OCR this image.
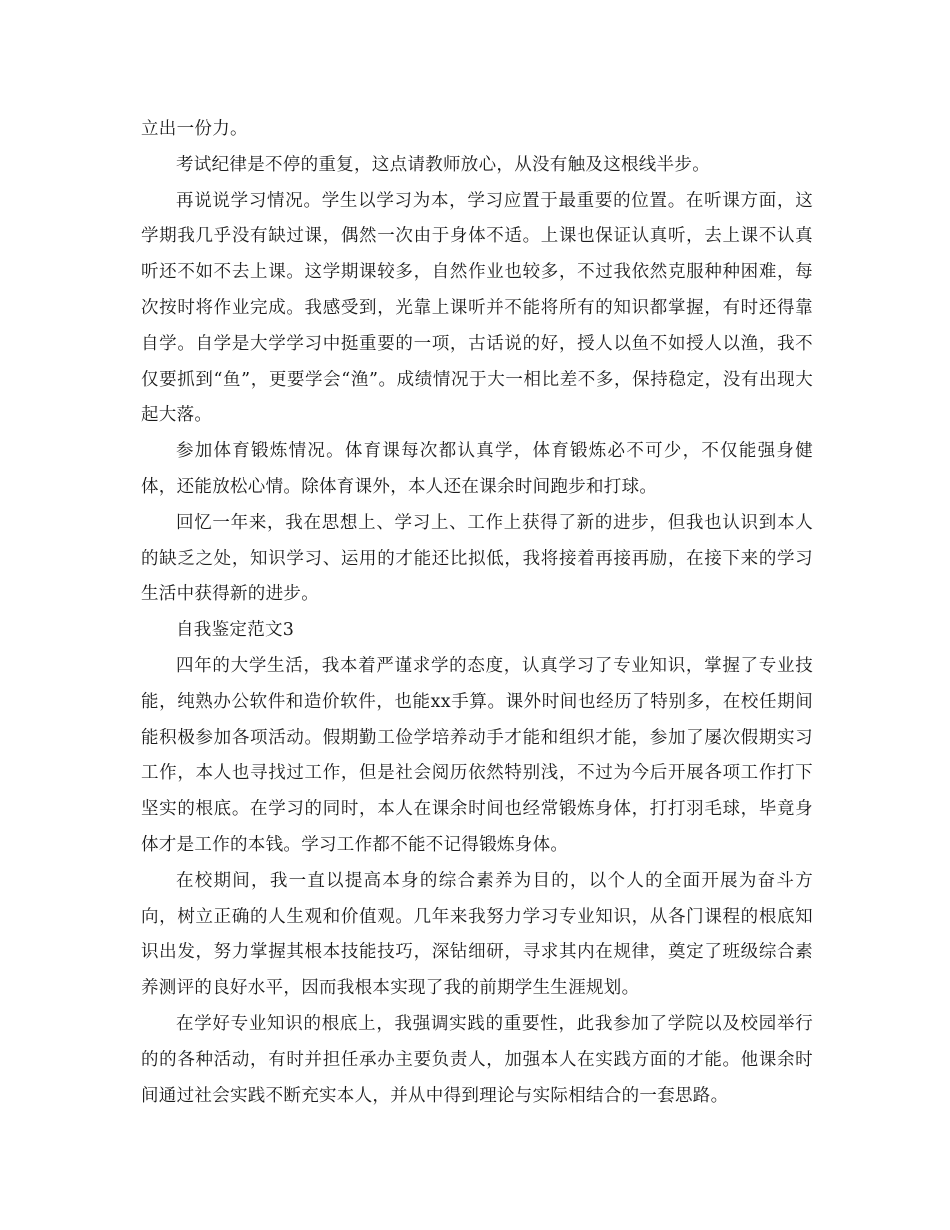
立出一份力。

考试纪律是不停的重复，这点请教师放心，从没有触及这根线半步。

再说说学习情况。学生以学习为本，学习应置于最重要的位置。在听课方面，这学期我几乎没有缺过课，偶然一次由于身体不适。上课也保证认真听，去上课不认真听还不如不去上课。这学期课较多，自然作业也较多，不过我依然克服种种困难，每次按时将作业完成。我感受到，光靠上课听并不能将所有的知识都掌握，有时还得靠自学。自学是大学学习中挺重要的一项，古话说的好，授人以鱼不如授人以渔，我不仅要抓到“鱼”，更要学会“渔”。成绩情况于大一相比差不多，保持稳定，没有出现大起大落。

参加体育锻炼情况。体育课每次都认真学，体育锻炼必不可少，不仅能强身健体，还能放松心情。除体育课外，本人还在课余时间跑步和打球。

回忆一年来，我在思想上、学习上、工作上获得了新的进步，但我也认识到本人的缺乏之处，知识学习、运用的才能还比拟低，我将接着再接再励，在接下来的学习生活中获得新的进步。

自我鉴定范文3

四年的大学生活，我本着严谨求学的态度，认真学习了专业知识，掌握了专业技能，纯熟办公软件和造价软件，也能xx手算。课外时间也经历了特别多，在校任期间能积极参加各项活动。假期勤工俭学培养动手才能和组织才能，参加了屡次假期实习工作，本人也寻找过工作，但是社会阅历依然特别浅，不过为今后开展各项工作打下坚实的根底。在学习的同时，本人在课余时间也经常锻炼身体，打打羽毛球，毕竟身体才是工作的本钱。学习工作都不能不记得锻炼身体。

在校期间，我一直以提高本身的综合素养为目的，以个人的全面开展为奋斗方向，树立正确的人生观和价值观。几年来我努力学习专业知识，从各门课程的根底知识出发，努力掌握其根本技能技巧，深钻细研，寻求其内在规律，奠定了班级综合素养测评的良好水平，因而我根本实现了我的前期学生生涯规划。

在学好专业知识的根底上，我强调实践的重要性，此我参加了学院以及校园举行的的各种活动，有时并担任承办主要负责人，加强本人在实践方面的才能。他课余时间通过社会实践不断充实本人，并从中得到理论与实际相结合的一套思路。
